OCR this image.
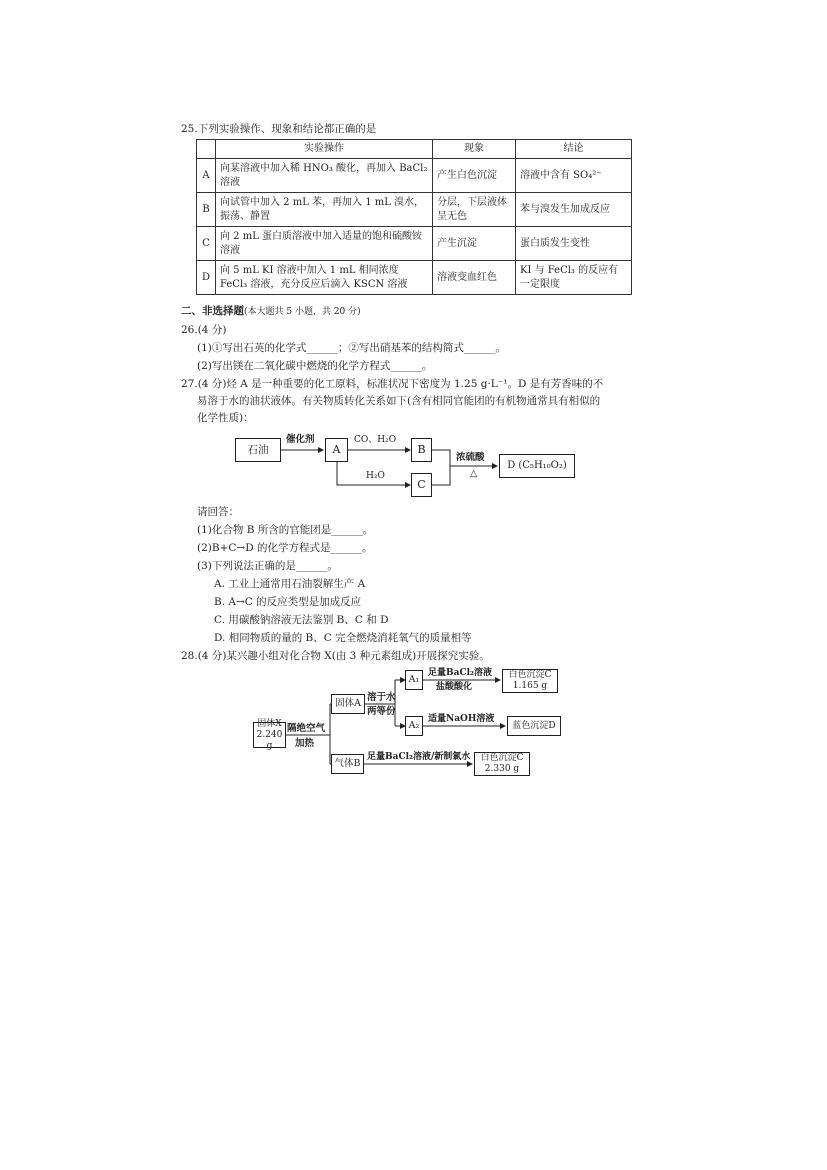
25.下列实验操作、现象和结论都正确的是
	实验操作	现象	结论
A	向某溶液中加入稀 HNO₃ 酸化，再加入 BaCl₂ 溶液	产生白色沉淀	溶液中含有 SO₄²⁻
B	向试管中加入 2 mL 苯，再加入 1 mL 溴水，振荡、静置	分层，下层液体呈无色	苯与溴发生加成反应
C	向 2 mL 蛋白质溶液中加入适量的饱和硫酸铵溶液	产生沉淀	蛋白质发生变性
D	向 5 mL KI 溶液中加入 1 mL 相同浓度 FeCl₃ 溶液，充分反应后滴入 KSCN 溶液	溶液变血红色	KI 与 FeCl₃ 的反应有一定限度
二、非选择题(本大题共 5 小题，共 20 分)
26.(4 分)
(1)①写出石英的化学式______；②写出硝基苯的结构简式______。
(2)写出镁在二氧化碳中燃烧的化学方程式______。
27.(4 分)烃 A 是一种重要的化工原料，标准状况下密度为 1.25 g·L⁻¹。D 是有芳香味的不
易溶于水的油状液体。有关物质转化关系如下(含有相同官能团的有机物通常具有相似的
化学性质)：
石油
催化剂
A
CO、H₂O
B
H₂O
C
浓硫酸
△
D (C₅H₁₀O₂)
请回答：
(1)化合物 B 所含的官能团是______。
(2)B+C→D 的化学方程式是______。
(3)下列说法正确的是______。
A. 工业上通常用石油裂解生产 A
B. A→C 的反应类型是加成反应
C. 用碳酸钠溶液无法鉴别 B、C 和 D
D. 相同物质的量的 B、C 完全燃烧消耗氧气的质量相等
28.(4 分)某兴趣小组对化合物 X(由 3 种元素组成)开展探究实验。
固体X
2.240 g
隔绝空气
加热
固体A
溶于水
两等份
A₁
足量BaCl₂溶液
盐酸酸化
白色沉淀C
1.165 g
A₂
适量NaOH溶液
蓝色沉淀D
气体B
足量BaCl₂溶液/新制氯水 白色沉淀C
2.330 g
